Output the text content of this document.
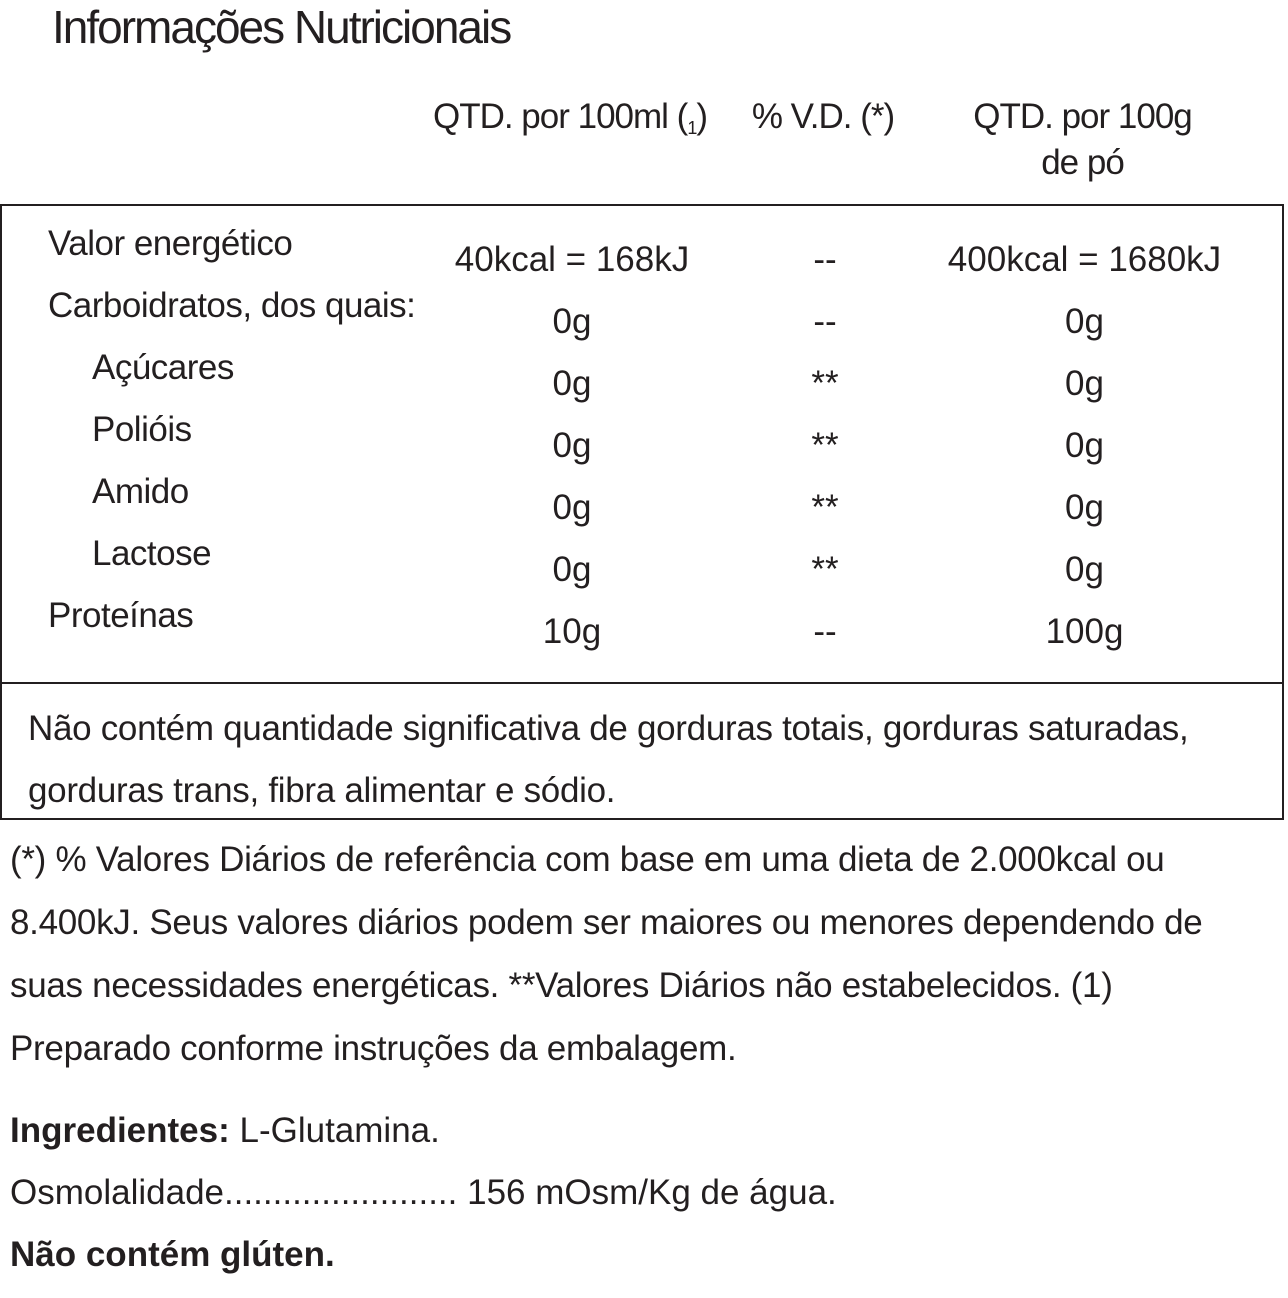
Informações Nutricionais
QTD. por 100ml $(_1)$	% V.D. (*)	QTD. por 100g
de pó
Valor energético	40kcal = 168kJ	--	400kcal = 1680kJ
Carboidratos, dos quais:	0g	--	0g
Açúcares	0g	**	0g
Polióis	0g	**	0g
Amido	0g	**	0g
Lactose	0g	**	0g
Proteínas	10g	--	100g
Não contém quantidade significativa de gorduras totais, gorduras saturadas, gorduras trans, fibra alimentar e sódio.
(*) % Valores Diários de referência com base em uma dieta de 2.000kcal ou 8.400kJ. Seus valores diários podem ser maiores ou menores dependendo de suas necessidades energéticas. **Valores Diários não estabelecidos. (1) Preparado conforme instruções da embalagem.
Ingredientes: L-Glutamina.
Osmolalidade........................ 156 mOsm/Kg de água.
Não contém glúten.
